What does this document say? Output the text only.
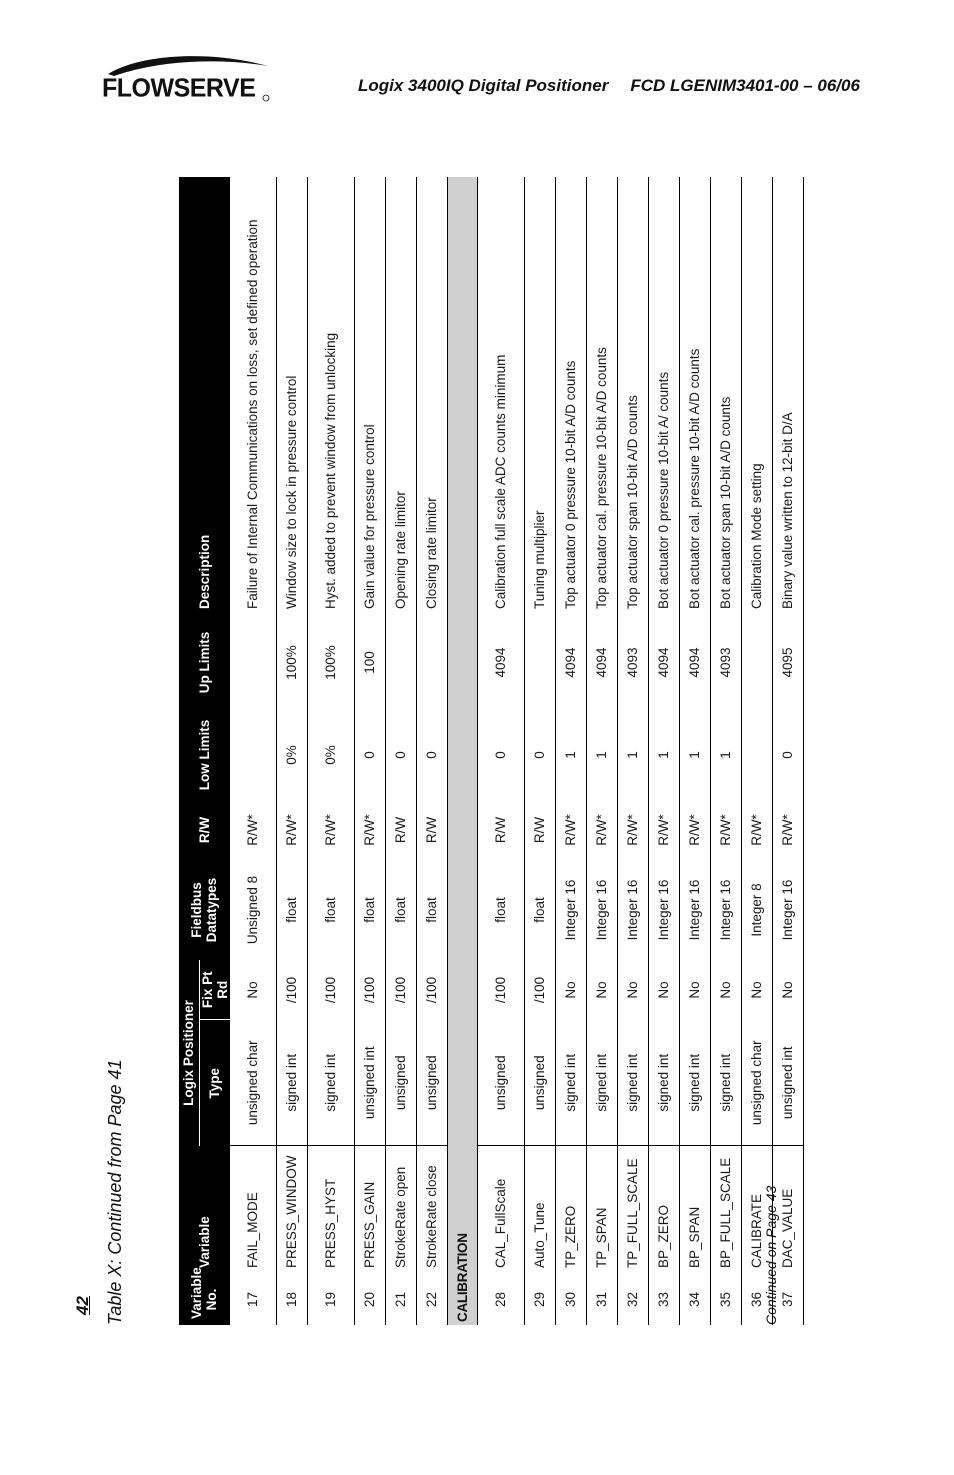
FLOWSERVE	Logix 3400IQ Digital Positioner FCD LGENIM3401-00 – 06/06
42 Table X: Continued from Page 41	Variable No.	Variable	Logix Positioner		Fieldbus Datatypes	R/W	Low Limits	Up Limits	Description
		Type	Fix Pt Rd					
17	FAIL_MODE	unsigned char	No	Unsigned 8	R/W*			Failure of Internal Communications on loss, set defined operation
18	PRESS_WINDOW	signed int	/100	float	R/W*	0%	100%	Window size to lock in pressure control
19	PRESS_HYST	signed int	/100	float	R/W*	0%	100%	Hyst. added to prevent window from unlocking
20	PRESS_GAIN	unsigned int	/100	float	R/W*	0	100	Gain value for pressure control
21	StrokeRate open	unsigned	/100	float	R/W	0		Opening rate limitor
22	StrokeRate close	unsigned	/100	float	R/W	0		Closing rate limitor
CALIBRATION								
28	CAL_FullScale	unsigned	/100	float	R/W	0	4094	Calibration full scale ADC counts minimum
29	Auto_Tune	unsigned	/100	float	R/W	0		Tuning multiplier
30	TP_ZERO	signed int	No	Integer 16	R/W*	1	4094	Top actuator 0 pressure 10-bit A/D counts
31	TP_SPAN	signed int	No	Integer 16	R/W*	1	4094	Top actuator cal. pressure 10-bit A/D counts
32	TP_FULL_SCALE	signed int	No	Integer 16	R/W*	1	4093	Top actuator span 10-bit A/D counts
33	BP_ZERO	signed int	No	Integer 16	R/W*	1	4094	Bot actuator 0 pressure 10-bit A/ counts
34	BP_SPAN	signed int	No	Integer 16	R/W*	1	4094	Bot actuator cal. pressure 10-bit A/D counts
35	BP_FULL_SCALE	signed int	No	Integer 16	R/W*	1	4093	Bot actuator span 10-bit A/D counts
36	CALIBRATE	unsigned char	No	Integer 8	R/W*			Calibration Mode setting
37	DAC_VALUE	unsigned int	No	Integer 16	R/W*	0	4095	Binary value written to 12-bit D/A
Continued on Page 43
